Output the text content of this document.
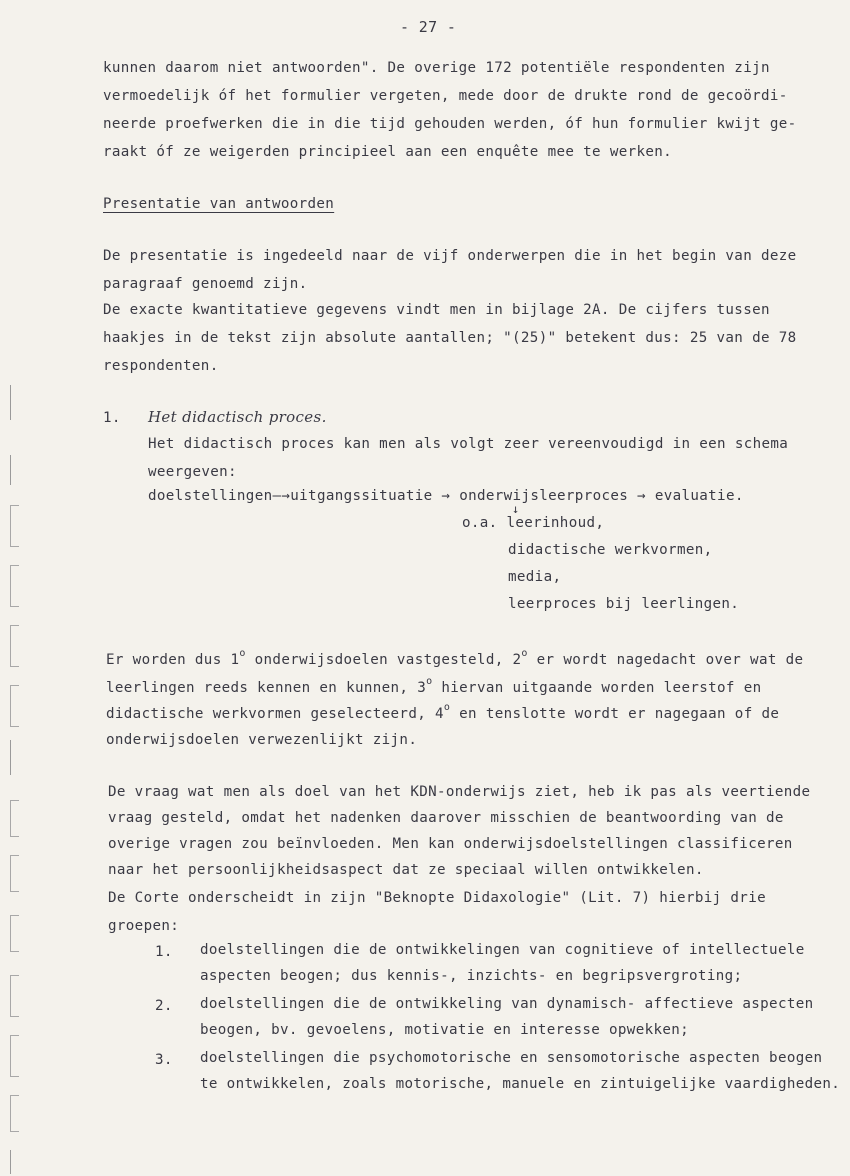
- 27 -
kunnen daarom niet antwoorden". De overige 172 potentiële respondenten zijn
vermoedelijk óf het formulier vergeten, mede door de drukte rond de gecoördi-
neerde proefwerken die in die tijd gehouden werden, óf hun formulier kwijt ge-
raakt óf ze weigerden principieel aan een enquête mee te werken.
Presentatie van antwoorden
De presentatie is ingedeeld naar de vijf onderwerpen die in het begin van deze
paragraaf genoemd zijn.
De exacte kwantitatieve gegevens vindt men in bijlage 2A. De cijfers tussen
haakjes in de tekst zijn absolute aantallen; "(25)" betekent dus: 25 van de 78
respondenten.
1. Het didactisch proces.
Het didactisch proces kan men als volgt zeer vereenvoudigd in een schema
weergeven:
doelstellingen—→uitgangssituatie → onderwijsleerproces → evaluatie.
↓
o.a. leerinhoud,
didactische werkvormen,
media,
leerproces bij leerlingen.
Er worden dus 1$^o$ onderwijsdoelen vastgesteld, 2$^o$ er wordt nagedacht over wat de
leerlingen reeds kennen en kunnen, 3$^o$ hiervan uitgaande worden leerstof en
didactische werkvormen geselecteerd, 4$^o$ en tenslotte wordt er nagegaan of de
onderwijsdoelen verwezenlijkt zijn.
De vraag wat men als doel van het KDN-onderwijs ziet, heb ik pas als veertiende
vraag gesteld, omdat het nadenken daarover misschien de beantwoording van de
overige vragen zou beïnvloeden. Men kan onderwijsdoelstellingen classificeren
naar het persoonlijkheidsaspect dat ze speciaal willen ontwikkelen.
De Corte onderscheidt in zijn "Beknopte Didaxologie" (Lit. 7) hierbij drie
groepen:
1. doelstellingen die de ontwikkelingen van cognitieve of intellectuele
aspecten beogen; dus kennis-, inzichts- en begripsvergroting;
2. doelstellingen die de ontwikkeling van dynamisch- affectieve aspecten
beogen, bv. gevoelens, motivatie en interesse opwekken;
3. doelstellingen die psychomotorische en sensomotorische aspecten beogen
te ontwikkelen, zoals motorische, manuele en zintuigelijke vaardigheden.
